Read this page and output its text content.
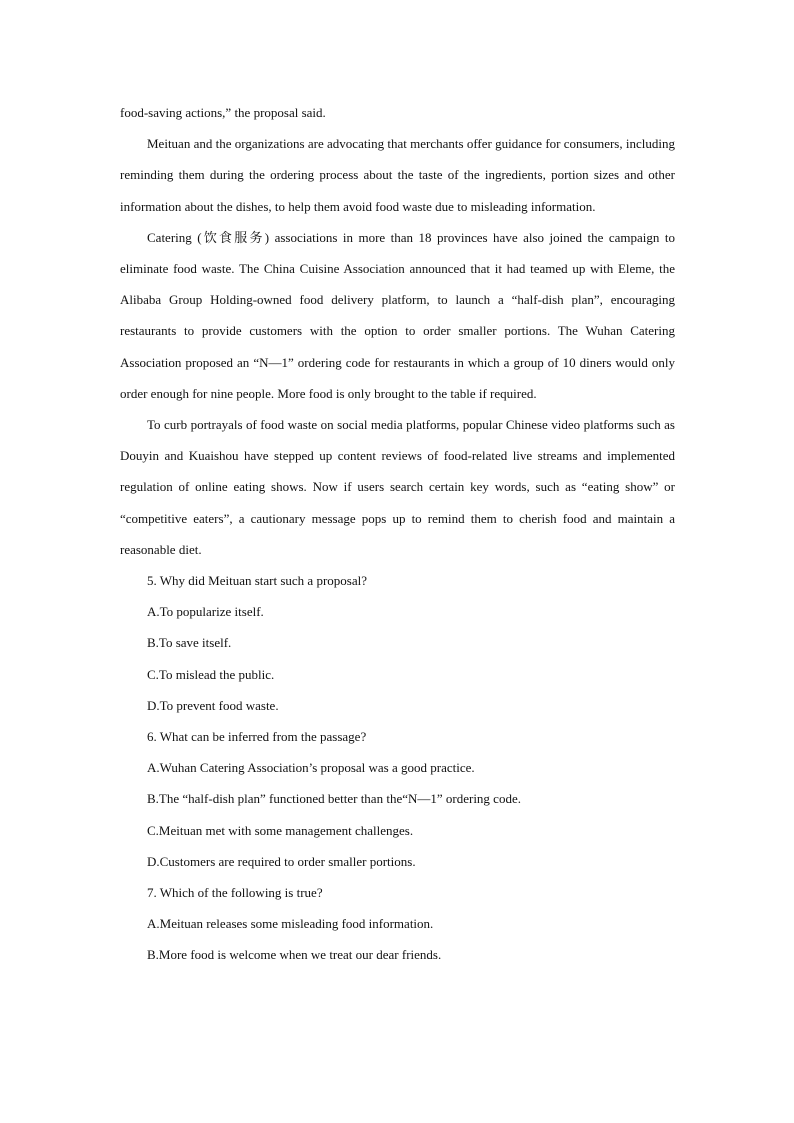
food-saving actions,” the proposal said.

Meituan and the organizations are advocating that merchants offer guidance for consumers, including reminding them during the ordering process about the taste of the ingredients, portion sizes and other information about the dishes, to help them avoid food waste due to misleading information.

Catering (饮食服务) associations in more than 18 provinces have also joined the campaign to eliminate food waste. The China Cuisine Association announced that it had teamed up with Eleme, the Alibaba Group Holding-owned food delivery platform, to launch a “half-dish plan”, encouraging restaurants to provide customers with the option to order smaller portions. The Wuhan Catering Association proposed an “N—1” ordering code for restaurants in which a group of 10 diners would only order enough for nine people. More food is only brought to the table if required.

To curb portrayals of food waste on social media platforms, popular Chinese video platforms such as Douyin and Kuaishou have stepped up content reviews of food-related live streams and implemented regulation of online eating shows. Now if users search certain key words, such as “eating show” or “competitive eaters”, a cautionary message pops up to remind them to cherish food and maintain a reasonable diet.

5. Why did Meituan start such a proposal?

A.To popularize itself.

B.To save itself.

C.To mislead the public.

D.To prevent food waste.

6. What can be inferred from the passage?

A.Wuhan Catering Association’s proposal was a good practice.

B.The “half-dish plan” functioned better than the“N—1” ordering code.

C.Meituan met with some management challenges.

D.Customers are required to order smaller portions.

7. Which of the following is true?

A.Meituan releases some misleading food information.

B.More food is welcome when we treat our dear friends.
